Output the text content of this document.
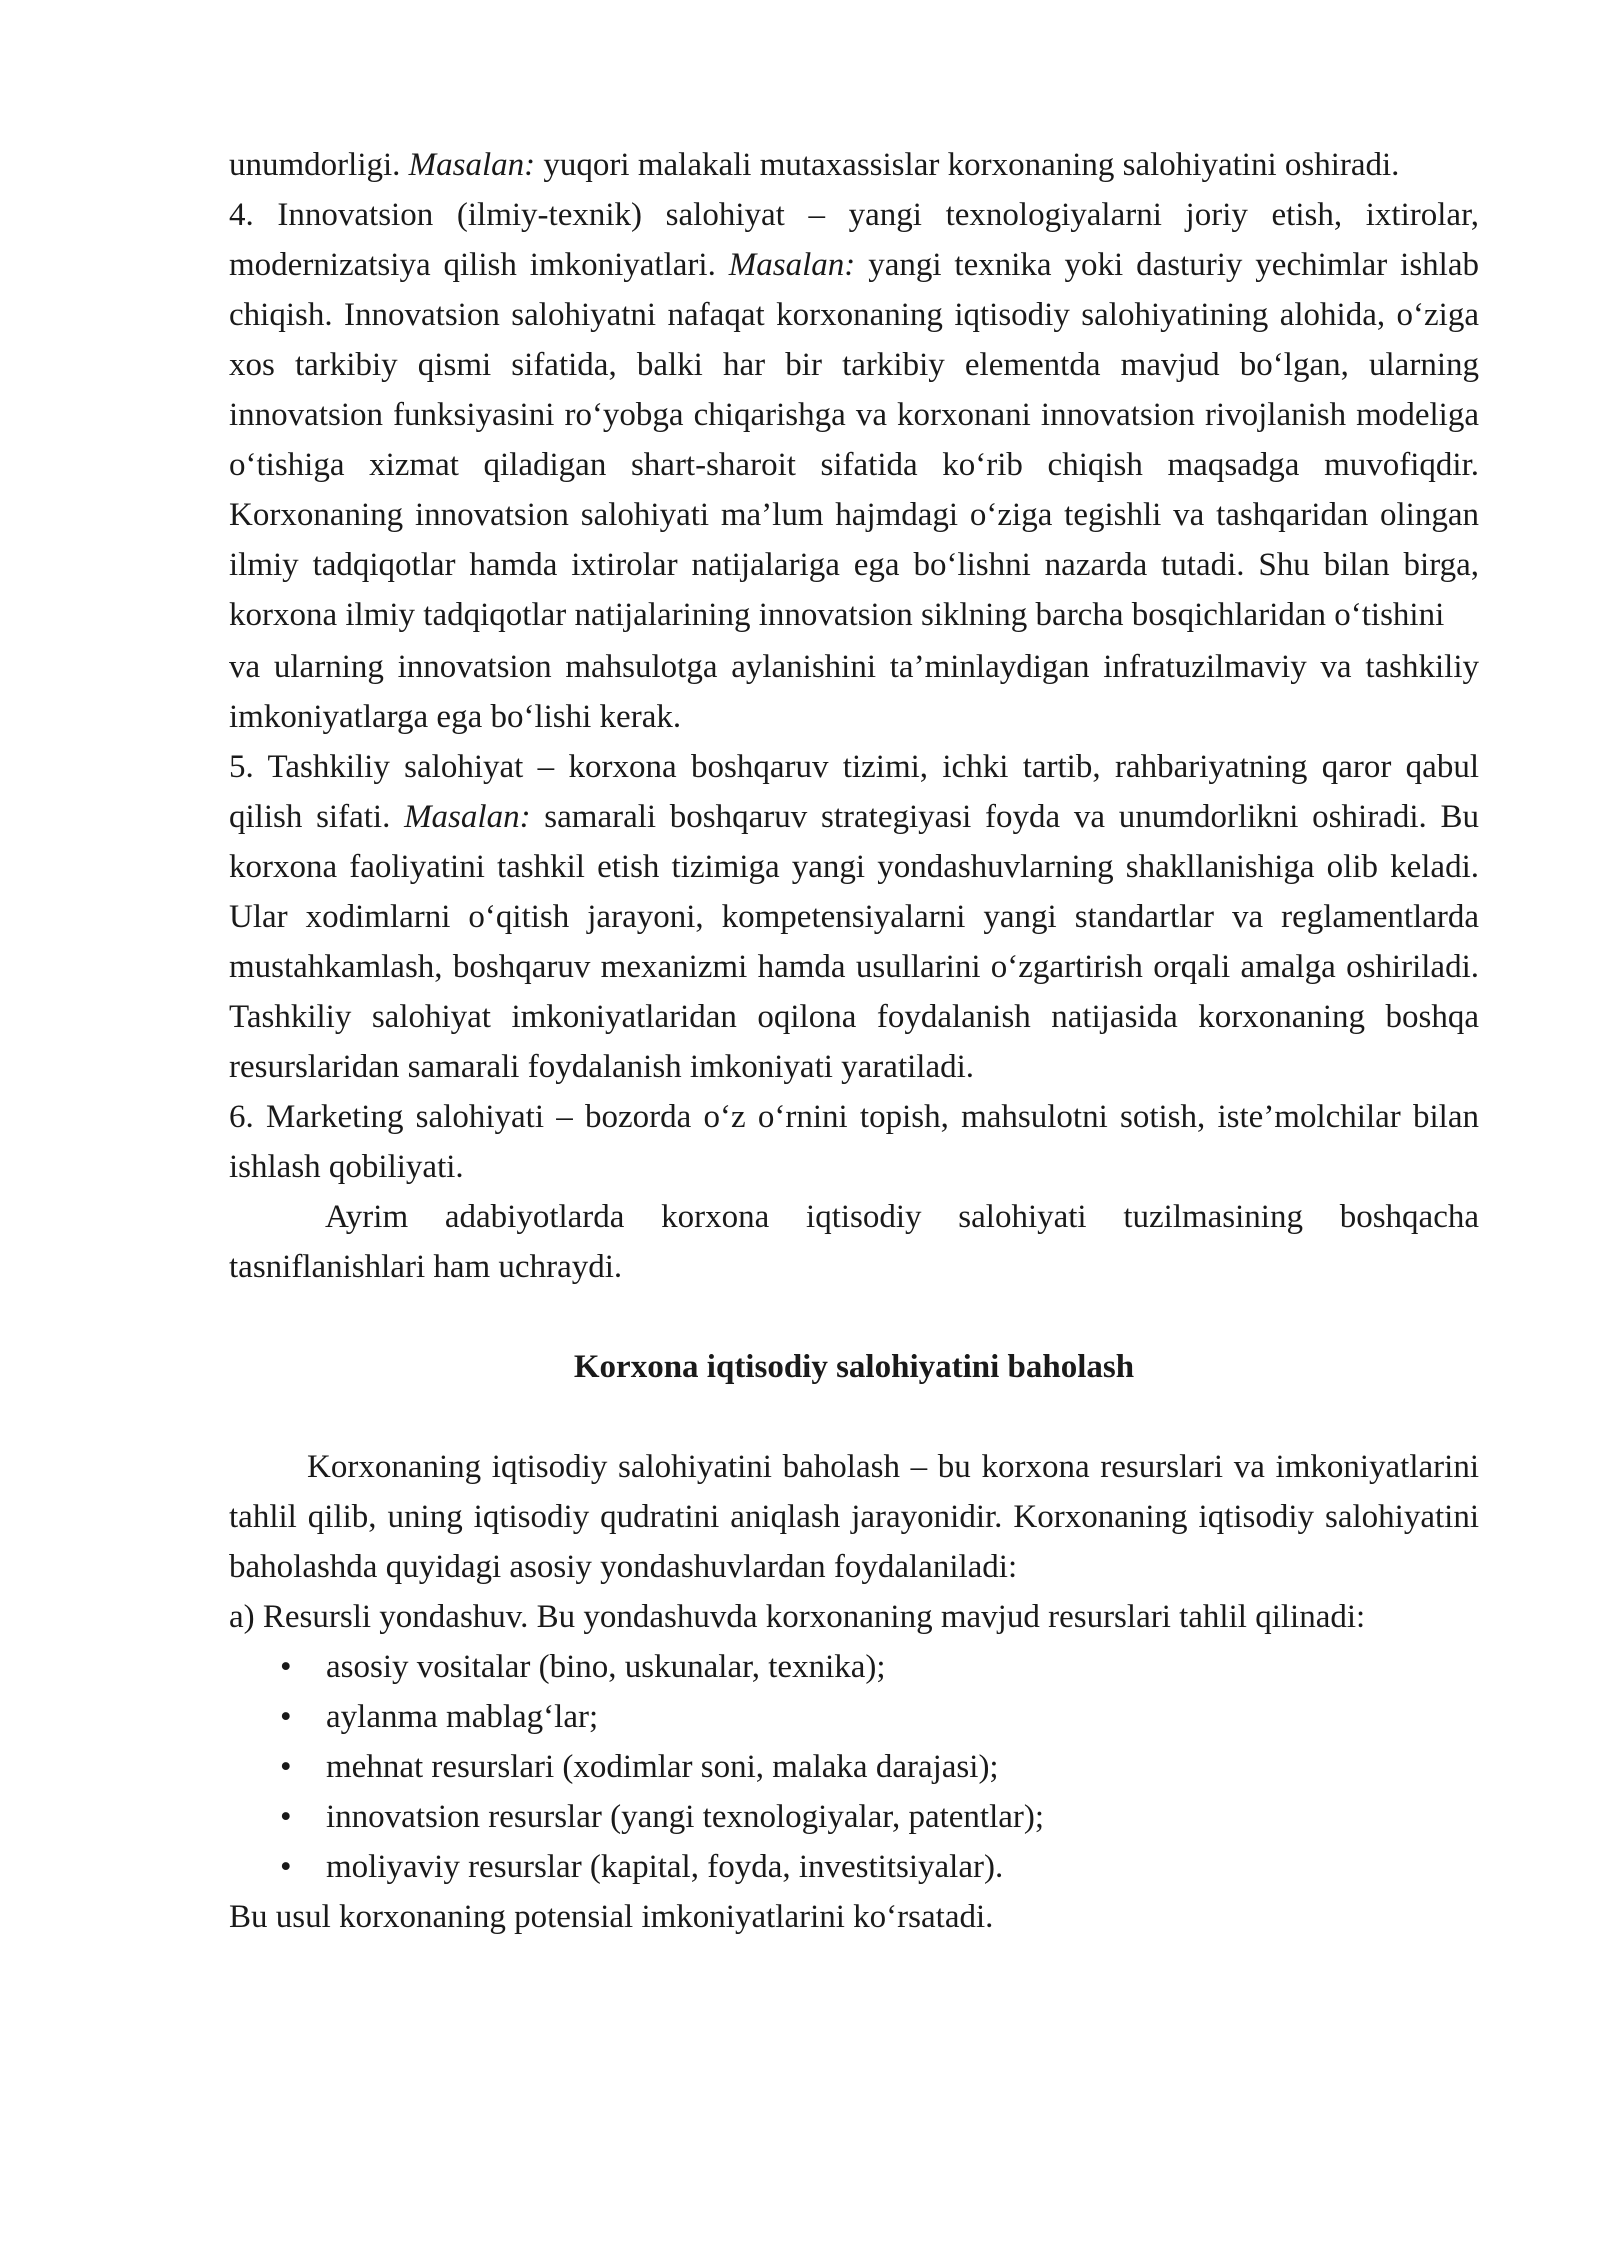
unumdorligi. Masalan: yuqori malakali mutaxassislar korxonaning salohiyatini oshiradi.

4. Innovatsion (ilmiy-texnik) salohiyat – yangi texnologiyalarni joriy etish, ixtirolar, modernizatsiya qilish imkoniyatlari. Masalan: yangi texnika yoki dasturiy yechimlar ishlab chiqish. Innovatsion salohiyatni nafaqat korxonaning iqtisodiy salohiyatining alohida, o‘ziga xos tarkibiy qismi sifatida, balki har bir tarkibiy elementda mavjud bo‘lgan, ularning innovatsion funksiyasini ro‘yobga chiqarishga va korxonani innovatsion rivojlanish modeliga o‘tishiga xizmat qiladigan shart-sharoit sifatida ko‘rib chiqish maqsadga muvofiqdir. Korxonaning innovatsion salohiyati ma’lum hajmdagi o‘ziga tegishli va tashqaridan olingan ilmiy tadqiqotlar hamda ixtirolar natijalariga ega bo‘lishni nazarda tutadi. Shu bilan birga, korxona ilmiy tadqiqotlar natijalarining innovatsion siklning barcha bosqichlaridan o‘tishini

va ularning innovatsion mahsulotga aylanishini ta’minlaydigan infratuzilmaviy va tashkiliy imkoniyatlarga ega bo‘lishi kerak.

5. Tashkiliy salohiyat – korxona boshqaruv tizimi, ichki tartib, rahbariyatning qaror qabul qilish sifati. Masalan: samarali boshqaruv strategiyasi foyda va unumdorlikni oshiradi. Bu korxona faoliyatini tashkil etish tizimiga yangi yondashuvlarning shakllanishiga olib keladi. Ular xodimlarni o‘qitish jarayoni, kompetensiyalarni yangi standartlar va reglamentlarda mustahkamlash, boshqaruv mexanizmi hamda usullarini o‘zgartirish orqali amalga oshiriladi. Tashkiliy salohiyat imkoniyatlaridan oqilona foydalanish natijasida korxonaning boshqa resurslaridan samarali foydalanish imkoniyati yaratiladi.

6. Marketing salohiyati – bozorda o‘z o‘rnini topish, mahsulotni sotish, iste’molchilar bilan ishlash qobiliyati.

Ayrim adabiyotlarda korxona iqtisodiy salohiyati tuzilmasining boshqacha tasniflanishlari ham uchraydi.

Korxona iqtisodiy salohiyatini baholash

Korxonaning iqtisodiy salohiyatini baholash – bu korxona resurslari va imkoniyatlarini tahlil qilib, uning iqtisodiy qudratini aniqlash jarayonidir. Korxonaning iqtisodiy salohiyatini baholashda quyidagi asosiy yondashuvlardan foydalaniladi:

a) Resursli yondashuv. Bu yondashuvda korxonaning mavjud resurslari tahlil qilinadi:

• asosiy vositalar (bino, uskunalar, texnika);
• aylanma mablag‘lar;
• mehnat resurslari (xodimlar soni, malaka darajasi);
• innovatsion resurslar (yangi texnologiyalar, patentlar);
• moliyaviy resurslar (kapital, foyda, investitsiyalar).

Bu usul korxonaning potensial imkoniyatlarini ko‘rsatadi.
